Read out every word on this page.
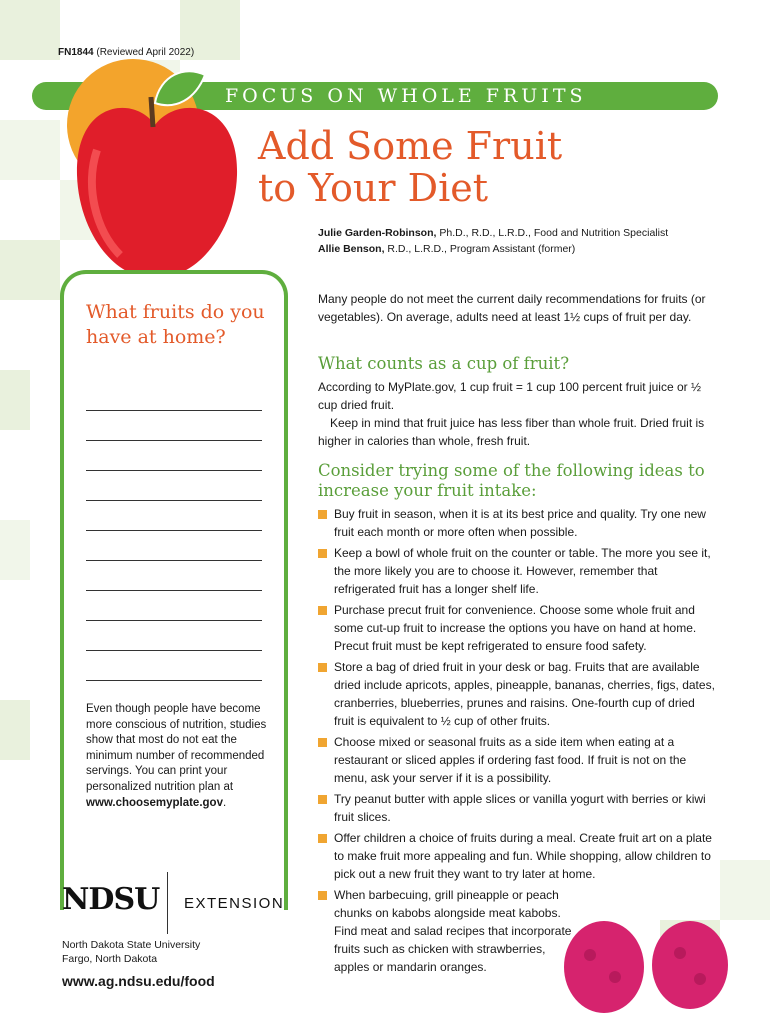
FN1844 (Reviewed April 2022)
FOCUS ON WHOLE FRUITS
Add Some Fruit
to Your Diet
Julie Garden-Robinson, Ph.D., R.D., L.R.D., Food and Nutrition Specialist
Allie Benson, R.D., L.R.D., Program Assistant (former)
What fruits do you have at home?
Even though people have become more conscious of nutrition, studies show that most do not eat the minimum number of recommended servings. You can print your personalized nutrition plan at www.choosemyplate.gov.
NDSU EXTENSION
North Dakota State University
Fargo, North Dakota
www.ag.ndsu.edu/food
Many people do not meet the current daily recommendations for fruits (or vegetables). On average, adults need at least 1½ cups of fruit per day.
What counts as a cup of fruit?
According to MyPlate.gov, 1 cup fruit = 1 cup 100 percent fruit juice or ½ cup dried fruit.
Keep in mind that fruit juice has less fiber than whole fruit. Dried fruit is higher in calories than whole, fresh fruit.
Consider trying some of the following ideas to increase your fruit intake:
Buy fruit in season, when it is at its best price and quality. Try one new fruit each month or more often when possible.
Keep a bowl of whole fruit on the counter or table. The more you see it, the more likely you are to choose it. However, remember that refrigerated fruit has a longer shelf life.
Purchase precut fruit for convenience. Choose some whole fruit and some cut-up fruit to increase the options you have on hand at home. Precut fruit must be kept refrigerated to ensure food safety.
Store a bag of dried fruit in your desk or bag. Fruits that are available dried include apricots, apples, pineapple, bananas, cherries, figs, dates, cranberries, blueberries, prunes and raisins. One-fourth cup of dried fruit is equivalent to ½ cup of other fruits.
Choose mixed or seasonal fruits as a side item when eating at a restaurant or sliced apples if ordering fast food. If fruit is not on the menu, ask your server if it is a possibility.
Try peanut butter with apple slices or vanilla yogurt with berries or kiwi fruit slices.
Offer children a choice of fruits during a meal. Create fruit art on a plate to make fruit more appealing and fun. While shopping, allow children to pick out a new fruit they want to try later at home.
When barbecuing, grill pineapple or peach chunks on kabobs alongside meat kabobs. Find meat and salad recipes that incorporate fruits such as chicken with strawberries, apples or mandarin oranges.
